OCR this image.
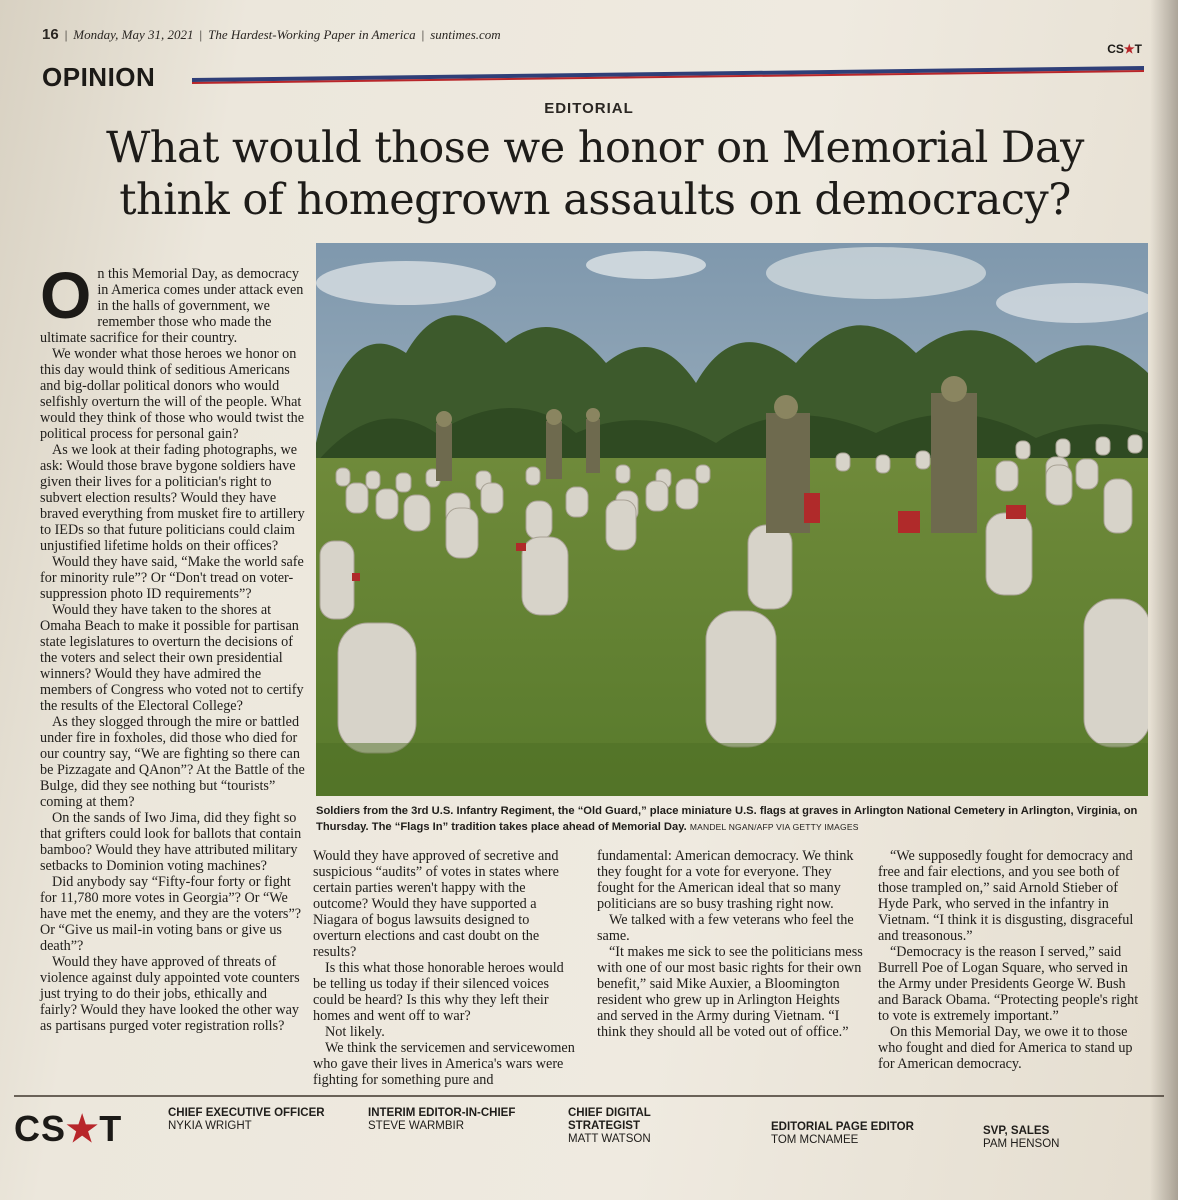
16 | Monday, May 31, 2021 | The Hardest-Working Paper in America | suntimes.com
CS★T
OPINION
EDITORIAL
What would those we honor on Memorial Day
think of homegrown assaults on democracy?
O n this Memorial Day, as democracy in America comes under attack even in the halls of government, we remember those who made the ultimate sacrifice for their country.

We wonder what those heroes we honor on this day would think of seditious Americans and big-dollar political donors who would selfishly overturn the will of the people. What would they think of those who would twist the political process for personal gain?

As we look at their fading photographs, we ask: Would those brave bygone soldiers have given their lives for a politician's right to subvert election results? Would they have braved everything from musket fire to artillery to IEDs so that future politicians could claim unjustified lifetime holds on their offices?

Would they have said, “Make the world safe for minority rule”? Or “Don't tread on voter-suppression photo ID requirements”?

Would they have taken to the shores at Omaha Beach to make it possible for partisan state legislatures to overturn the decisions of the voters and select their own presidential winners? Would they have admired the members of Congress who voted not to certify the results of the Electoral College?

As they slogged through the mire or battled under fire in foxholes, did those who died for our country say, “We are fighting so there can be Pizzagate and QAnon”? At the Battle of the Bulge, did they see nothing but “tourists” coming at them?

On the sands of Iwo Jima, did they fight so that grifters could look for ballots that contain bamboo? Would they have attributed military setbacks to Dominion voting machines?

Did anybody say “Fifty-four forty or fight for 11,780 more votes in Georgia”? Or “We have met the enemy, and they are the voters”? Or “Give us mail-in voting bans or give us death”?

Would they have approved of threats of violence against duly appointed vote counters just trying to do their jobs, ethically and fairly? Would they have looked the other way as partisans purged voter registration rolls?

Soldiers from the 3rd U.S. Infantry Regiment, the “Old Guard,” place miniature U.S. flags at graves in Arlington National Cemetery in Arlington, Virginia, on Thursday. The “Flags In” tradition takes place ahead of Memorial Day. MANDEL NGAN/AFP VIA GETTY IMAGES

Would they have approved of secretive and suspicious “audits” of votes in states where certain parties weren't happy with the outcome? Would they have supported a Niagara of bogus lawsuits designed to overturn elections and cast doubt on the results?

Is this what those honorable heroes would be telling us today if their silenced voices could be heard? Is this why they left their homes and went off to war?

Not likely.

We think the servicemen and servicewomen who gave their lives in America's wars were fighting for something pure and

fundamental: American democracy. We think they fought for a vote for everyone. They fought for the American ideal that so many politicians are so busy trashing right now.

We talked with a few veterans who feel the same.

“It makes me sick to see the politicians mess with one of our most basic rights for their own benefit,” said Mike Auxier, a Bloomington resident who grew up in Arlington Heights and served in the Army during Vietnam. “I think they should all be voted out of office.”

“We supposedly fought for democracy and free and fair elections, and you see both of those trampled on,” said Arnold Stieber of Hyde Park, who served in the infantry in Vietnam. “I think it is disgusting, disgraceful and treasonous.”

“Democracy is the reason I served,” said Burrell Poe of Logan Square, who served in the Army under Presidents George W. Bush and Barack Obama. “Protecting people's right to vote is extremely important.”

On this Memorial Day, we owe it to those who fought and died for America to stand up for American democracy.

CS★T	CHIEF EXECUTIVE OFFICER
NYKIA WRIGHT
INTERIM EDITOR-IN-CHIEF
STEVE WARMBIR
CHIEF DIGITAL STRATEGIST
MATT WATSON
EDITORIAL PAGE EDITOR
TOM MCNAMEE
SVP, SALES
PAM HENSON
